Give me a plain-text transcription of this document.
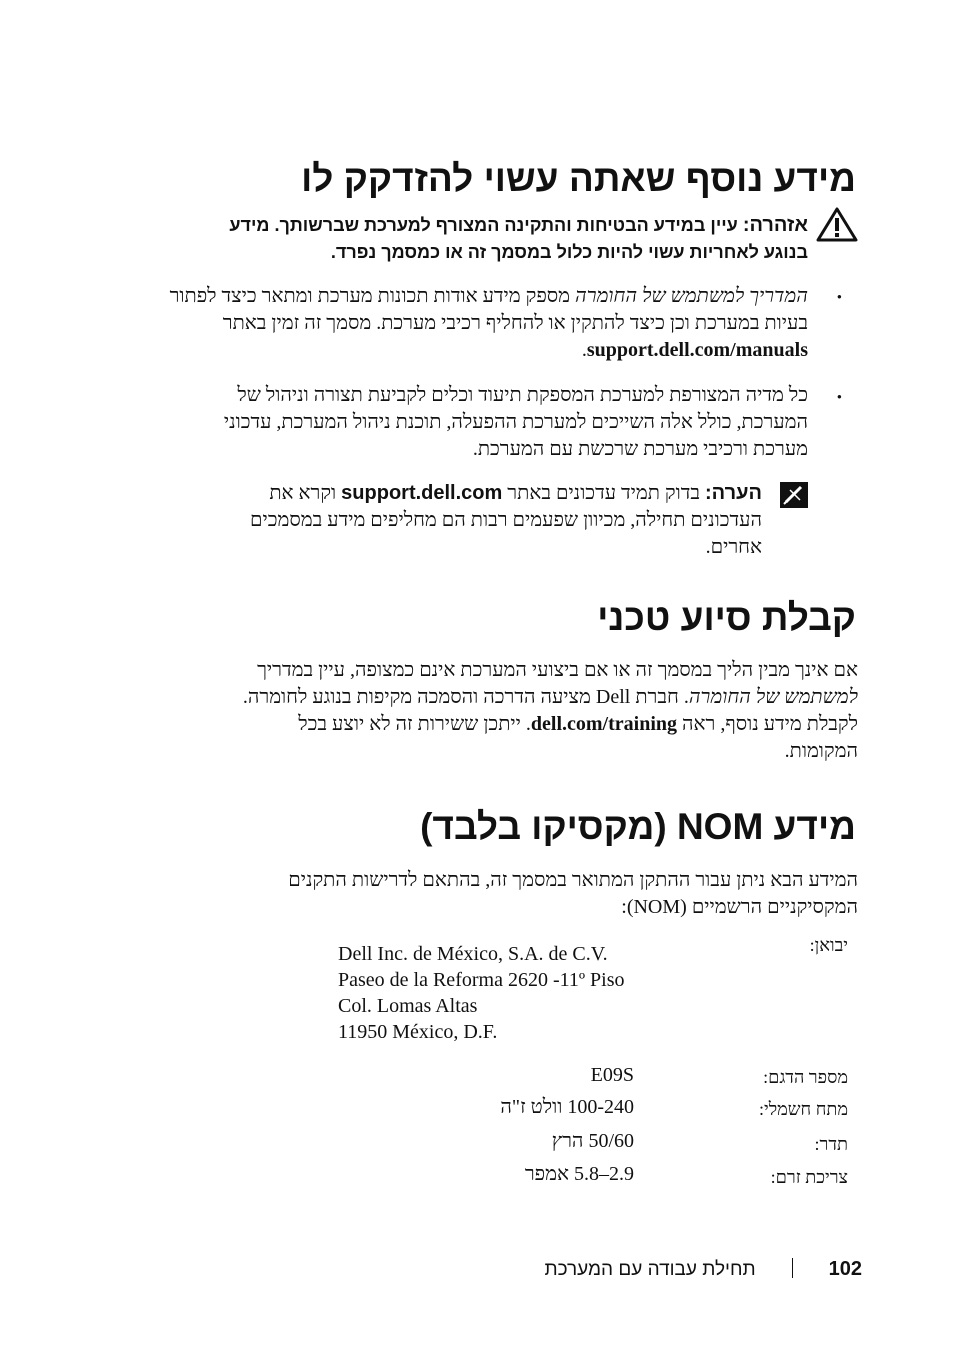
מידע נוסף שאתה עשוי להזדקק לו
אזהרה: עיין במידע הבטיחות והתקינה המצורף למערכת שברשותך. מידע
בנוגע לאחריות עשוי להיות כלול במסמך זה או כמסמך נפרד.
•
המדריך למשתמש של החומרה מספק מידע אודות תכונות מערכת ומתאר כיצד לפתור
בעיות במערכת וכן כיצד להתקין או להחליף רכיבי מערכת. מסמך זה זמין באתר
support.dell.com/manuals.
•
כל מדיה המצורפת למערכת המספקת תיעוד וכלים לקביעת תצורה וניהול של
המערכת, כולל אלה השייכים למערכת ההפעלה, תוכנת ניהול המערכת, עדכוני
מערכת ורכיבי מערכת שרכשת עם המערכת.
הערה: בדוק תמיד עדכונים באתר support.dell.com וקרא את
העדכונים תחילה, מכיוון שפעמים רבות הם מחליפים מידע במסמכים
אחרים.
קבלת סיוע טכני
אם אינך מבין הליך במסמך זה או אם ביצועי המערכת אינם כמצופה, עיין במדריך
למשתמש של החומרה. חברת Dell מציעה הדרכה והסמכה מקיפות בנוגע לחומרה.
לקבלת מידע נוסף, ראה dell.com/training. ייתכן ששירות זה לא יוצע בכל
המקומות.
מידע NOM (מקסיקו בלבד)
המידע הבא ניתן עבור ההתקן המתואר במסמך זה, בהתאם לדרישות התקנים
המקסיקניים הרשמיים (NOM):
יבואן:
Dell Inc. de México, S.A. de C.V.
Paseo de la Reforma 2620 -11º Piso
Col. Lomas Altas
11950 México, D.F.
מספר הדגם:
E09S
מתח חשמלי:
100-240 וולט ז"ה
תדר:
50/60 הרץ
צריכת זרם:
2.9–5.8 אמפר
102תחילת עבודה עם המערכת
